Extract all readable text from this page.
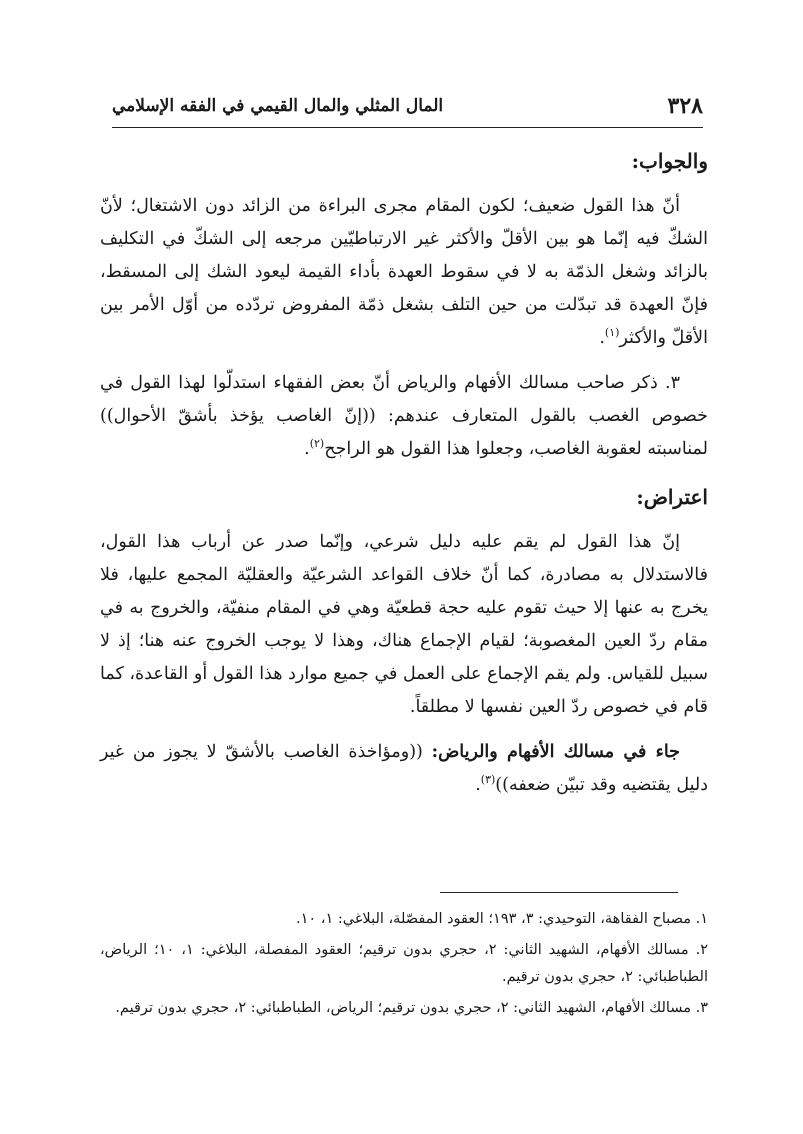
٣٢٨
المال المثلي والمال القيمي في الفقه الإسلامي
والجواب:

أنّ هذا القول ضعيف؛ لكون المقام مجرى البراءة من الزائد دون الاشتغال؛ لأنّ الشكّ فيه إنّما هو بين الأقلّ والأكثر غير الارتباطيّين مرجعه إلى الشكّ في التكليف بالزائد وشغل الذمّة به لا في سقوط العهدة بأداء القيمة ليعود الشك إلى المسقط، فإنّ العهدة قد تبدّلت من حين التلف بشغل ذمّة المفروض تردّده من أوّل الأمر بين الأقلّ والأكثر$^{(١)}$.

٣. ذكر صاحب مسالك الأفهام والرياض أنّ بعض الفقهاء استدلّوا لهذا القول في خصوص الغصب بالقول المتعارف عندهم: ((إنّ الغاصب يؤخذ بأشقّ الأحوال)) لمناسبته لعقوبة الغاصب، وجعلوا هذا القول هو الراجح$^{(٢)}$.

اعتراض:

إنّ هذا القول لم يقم عليه دليل شرعي، وإنّما صدر عن أرباب هذا القول، فالاستدلال به مصادرة، كما أنّ خلاف القواعد الشرعيّة والعقليّة المجمع عليها، فلا يخرج به عنها إلا حيث تقوم عليه حجة قطعيّة وهي في المقام منفيّة، والخروج به في مقام ردّ العين المغصوبة؛ لقيام الإجماع هناك، وهذا لا يوجب الخروج عنه هنا؛ إذ لا سبيل للقياس. ولم يقم الإجماع على العمل في جميع موارد هذا القول أو القاعدة، كما قام في خصوص ردّ العين نفسها لا مطلقاً.

جاء في مسالك الأفهام والرياض: ((ومؤاخذة الغاصب بالأشقّ لا يجوز من غير دليل يقتضيه وقد تبيّن ضعفه))$^{(٣)}$.

١. مصباح الفقاهة، التوحيدي: ٣، ١٩٣؛ العقود المفصّلة، البلاغي: ١، ١٠.

٢. مسالك الأفهام، الشهيد الثاني: ٢، حجري بدون ترقيم؛ العقود المفصلة، البلاغي: ١، ١٠؛ الرياض، الطباطبائي: ٢، حجري بدون ترقيم.

٣. مسالك الأفهام، الشهيد الثاني: ٢، حجري بدون ترقيم؛ الرياض، الطباطبائي: ٢، حجري بدون ترقيم.
